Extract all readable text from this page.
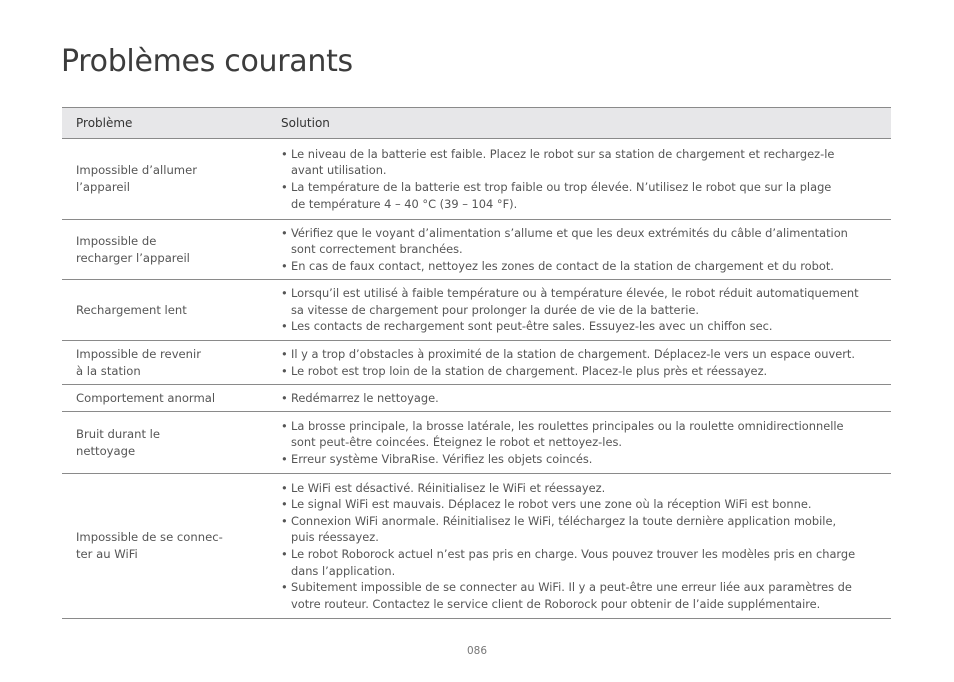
Problèmes courants
Problème	Solution
Impossible d’allumer
l’appareil
• Le niveau de la batterie est faible. Placez le robot sur sa station de chargement et rechargez-le
avant utilisation.
• La température de la batterie est trop faible ou trop élevée. N’utilisez le robot que sur la plage
de température 4 – 40 °C (39 – 104 °F).
Impossible de
recharger l’appareil
• Vérifiez que le voyant d’alimentation s’allume et que les deux extrémités du câble d’alimentation
sont correctement branchées.
• En cas de faux contact, nettoyez les zones de contact de la station de chargement et du robot.
Rechargement lent
• Lorsqu’il est utilisé à faible température ou à température élevée, le robot réduit automatiquement
sa vitesse de chargement pour prolonger la durée de vie de la batterie.
• Les contacts de rechargement sont peut-être sales. Essuyez-les avec un chiffon sec.
Impossible de revenir
à la station
• Il y a trop d’obstacles à proximité de la station de chargement. Déplacez-le vers un espace ouvert.
• Le robot est trop loin de la station de chargement. Placez-le plus près et réessayez.
Comportement anormal
•	Redémarrez le nettoyage.
Bruit durant le
nettoyage
• La brosse principale, la brosse latérale, les roulettes principales ou la roulette omnidirectionnelle
sont peut-être coincées. Éteignez le robot et nettoyez-les.
• Erreur système VibraRise. Vérifiez les objets coincés.
Impossible de se connec-
ter au WiFi
• Le WiFi est désactivé. Réinitialisez le WiFi et réessayez.
• Le signal WiFi est mauvais. Déplacez le robot vers une zone où la réception WiFi est bonne.
• Connexion WiFi anormale. Réinitialisez le WiFi, téléchargez la toute dernière application mobile,
puis réessayez.
• Le robot Roborock actuel n’est pas pris en charge. Vous pouvez trouver les modèles pris en charge
dans l’application.
• Subitement impossible de se connecter au WiFi. Il y a peut-être une erreur liée aux paramètres de
votre routeur. Contactez le service client de Roborock pour obtenir de l’aide supplémentaire.
086
